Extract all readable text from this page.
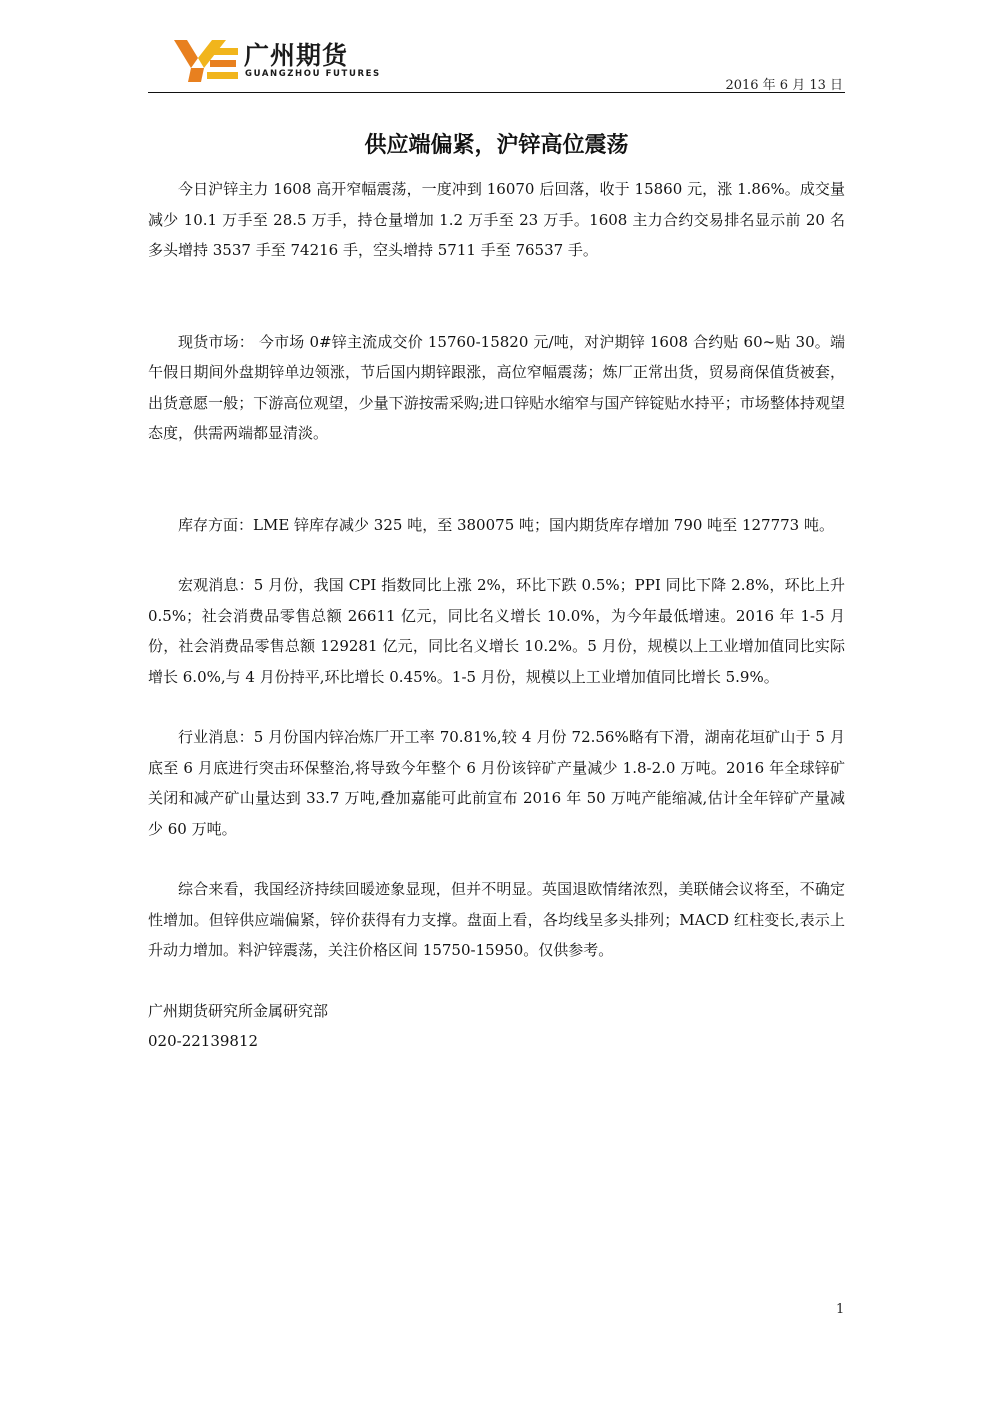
广州期货
GUANGZHOU FUTURES
2016 年 6 月 13 日
供应端偏紧，沪锌高位震荡

今日沪锌主力 1608 高开窄幅震荡，一度冲到 16070 后回落，收于 15860 元，涨 1.86%。成交量减少 10.1 万手至 28.5 万手，持仓量增加 1.2 万手至 23 万手。1608 主力合约交易排名显示前 20 名多头增持 3537 手至 74216 手，空头增持 5711 手至 76537 手。

现货市场： 今市场 0#锌主流成交价 15760-15820 元/吨，对沪期锌 1608 合约贴 60~贴 30。端午假日期间外盘期锌单边领涨，节后国内期锌跟涨，高位窄幅震荡；炼厂正常出货，贸易商保值货被套，出货意愿一般；下游高位观望，少量下游按需采购;进口锌贴水缩窄与国产锌锭贴水持平；市场整体持观望态度，供需两端都显清淡。

库存方面：LME 锌库存减少 325 吨，至 380075 吨；国内期货库存增加 790 吨至 127773 吨。

宏观消息：5 月份，我国 CPI 指数同比上涨 2%，环比下跌 0.5%；PPI 同比下降 2.8%，环比上升 0.5%；社会消费品零售总额 26611 亿元，同比名义增长 10.0%，为今年最低增速。2016 年 1-5 月份，社会消费品零售总额 129281 亿元，同比名义增长 10.2%。5 月份，规模以上工业增加值同比实际增长 6.0%,与 4 月份持平,环比增长 0.45%。1-5 月份，规模以上工业增加值同比增长 5.9%。

行业消息：5 月份国内锌冶炼厂开工率 70.81%,较 4 月份 72.56%略有下滑，湖南花垣矿山于 5 月底至 6 月底进行突击环保整治,将导致今年整个 6 月份该锌矿产量减少 1.8-2.0 万吨。2016 年全球锌矿关闭和减产矿山量达到 33.7 万吨,叠加嘉能可此前宣布 2016 年 50 万吨产能缩减,估计全年锌矿产量减少 60 万吨。

综合来看，我国经济持续回暖迹象显现，但并不明显。英国退欧情绪浓烈，美联储会议将至，不确定性增加。但锌供应端偏紧，锌价获得有力支撑。盘面上看，各均线呈多头排列；MACD 红柱变长,表示上升动力增加。料沪锌震荡，关注价格区间 15750-15950。仅供参考。

广州期货研究所金属研究部

020-22139812

1
